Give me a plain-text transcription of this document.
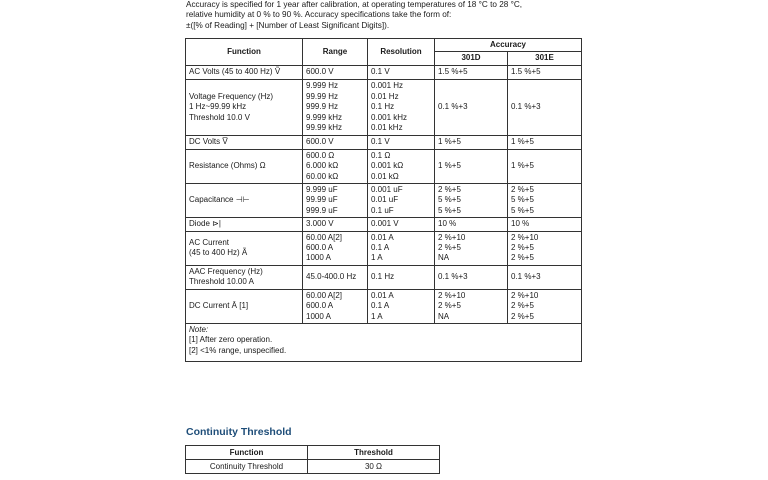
Accuracy is specified for 1 year after calibration, at operating temperatures of 18 °C to 28 °C,
relative humidity at 0 % to 90 %. Accuracy specifications take the form of:
±([% of Reading] + [Number of Least Significant Digits]).
Function	Range	Resolution	Accuracy	
			301D	301E

AC Volts (45 to 400 Hz) Ṽ	600.0 V	0.1 V	1.5 %+5	1.5 %+5

Voltage Frequency (Hz)
1 Hz~99.99 kHz
Threshold 10.0 V	9.999 Hz
99.99 Hz
999.9 Hz
9.999 kHz
99.99 kHz	0.001 Hz
0.01 Hz
0.1 Hz
0.001 kHz
0.01 kHz	0.1 %+3	0.1 %+3

DC Volts V̅	600.0 V	0.1 V	1 %+5	1 %+5

Resistance (Ohms) Ω	600.0 Ω
6.000 kΩ
60.00 kΩ	0.1 Ω
0.001 kΩ
0.01 kΩ	1 %+5	1 %+5

Capacitance ⊣⊢	9.999 uF
99.99 uF
999.9 uF	0.001 uF
0.01 uF
0.1 uF	2 %+5
5 %+5
5 %+5	2 %+5
5 %+5
5 %+5

Diode ⊳|	3.000 V	0.001 V	10 %	10 %

AC Current
(45 to 400 Hz) Ã	60.00 A[2]
600.0 A
1000 A	0.01 A
0.1 A
1 A	2 %+10
2 %+5
NA	2 %+10
2 %+5
2 %+5

AAC Frequency (Hz)
Threshold 10.00 A	45.0-400.0 Hz	0.1 Hz	0.1 %+3	0.1 %+3

DC Current Ā [1]	60.00 A[2]
600.0 A
1000 A	0.01 A
0.1 A
1 A	2 %+10
2 %+5
NA	2 %+10
2 %+5
2 %+5

Note:
[1] After zero operation.
[2] <1% range, unspecified.				
Continuity Threshold
Function	Threshold
Continuity Threshold	30 Ω
